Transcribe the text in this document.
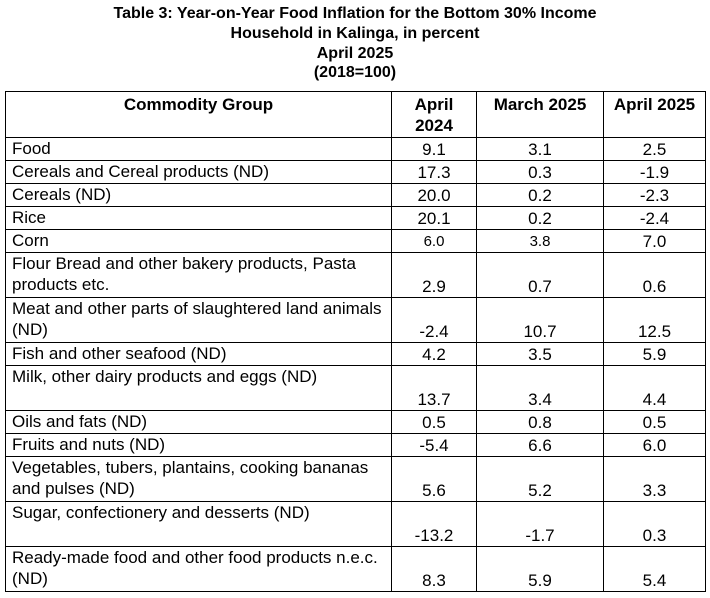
Table 3: Year-on-Year Food Inflation for the Bottom 30% Income
Household in Kalinga, in percent
April 2025
(2018=100)
Commodity Group	April 2024	March 2025	April 2025
Food	9.1	3.1	2.5
Cereals and Cereal products (ND)	17.3	0.3	-1.9
Cereals (ND)	20.0	0.2	-2.3
Rice	20.1	0.2	-2.4
Corn	6.0	3.8	7.0
Flour Bread and other bakery products, Pasta products etc.	2.9	0.7	0.6
Meat and other parts of slaughtered land animals (ND)	-2.4	10.7	12.5
Fish and other seafood (ND)	4.2	3.5	5.9
Milk, other dairy products and eggs (ND)	13.7	3.4	4.4
Oils and fats (ND)	0.5	0.8	0.5
Fruits and nuts (ND)	-5.4	6.6	6.0
Vegetables, tubers, plantains, cooking bananas and pulses (ND)	5.6	5.2	3.3
Sugar, confectionery and desserts (ND)	-13.2	-1.7	0.3
Ready-made food and other food products n.e.c. (ND)	8.3	5.9	5.4
